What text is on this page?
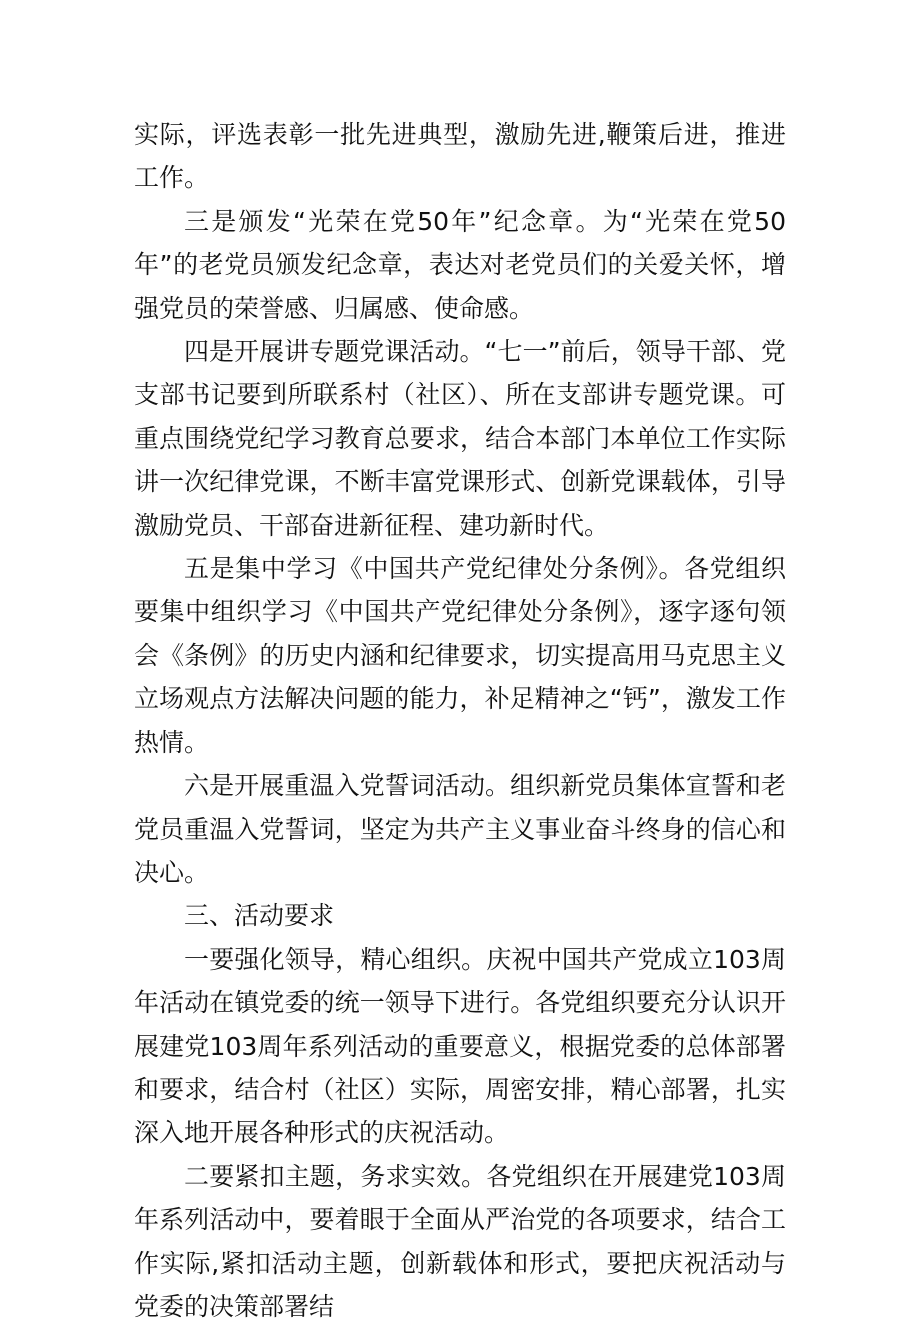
实际，评选表彰一批先进典型，激励先进,鞭策后进，推进工作。

三是颁发“光荣在党50年”纪念章。为“光荣在党50年”的老党员颁发纪念章，表达对老党员们的关爱关怀，增强党员的荣誉感、归属感、使命感。

四是开展讲专题党课活动。“七一”前后，领导干部、党支部书记要到所联系村（社区）、所在支部讲专题党课。可重点围绕党纪学习教育总要求，结合本部门本单位工作实际讲一次纪律党课，不断丰富党课形式、创新党课载体，引导激励党员、干部奋进新征程、建功新时代。

五是集中学习《中国共产党纪律处分条例》。各党组织要集中组织学习《中国共产党纪律处分条例》，逐字逐句领会《条例》的历史内涵和纪律要求，切实提高用马克思主义立场观点方法解决问题的能力，补足精神之“钙”，激发工作热情。

六是开展重温入党誓词活动。组织新党员集体宣誓和老党员重温入党誓词，坚定为共产主义事业奋斗终身的信心和决心。

三、活动要求

一要强化领导，精心组织。庆祝中国共产党成立103周年活动在镇党委的统一领导下进行。各党组织要充分认识开展建党103周年系列活动的重要意义，根据党委的总体部署和要求，结合村（社区）实际，周密安排，精心部署，扎实深入地开展各种形式的庆祝活动。

二要紧扣主题，务求实效。各党组织在开展建党103周年系列活动中，要着眼于全面从严治党的各项要求，结合工作实际,紧扣活动主题，创新载体和形式，要把庆祝活动与党委的决策部署结
